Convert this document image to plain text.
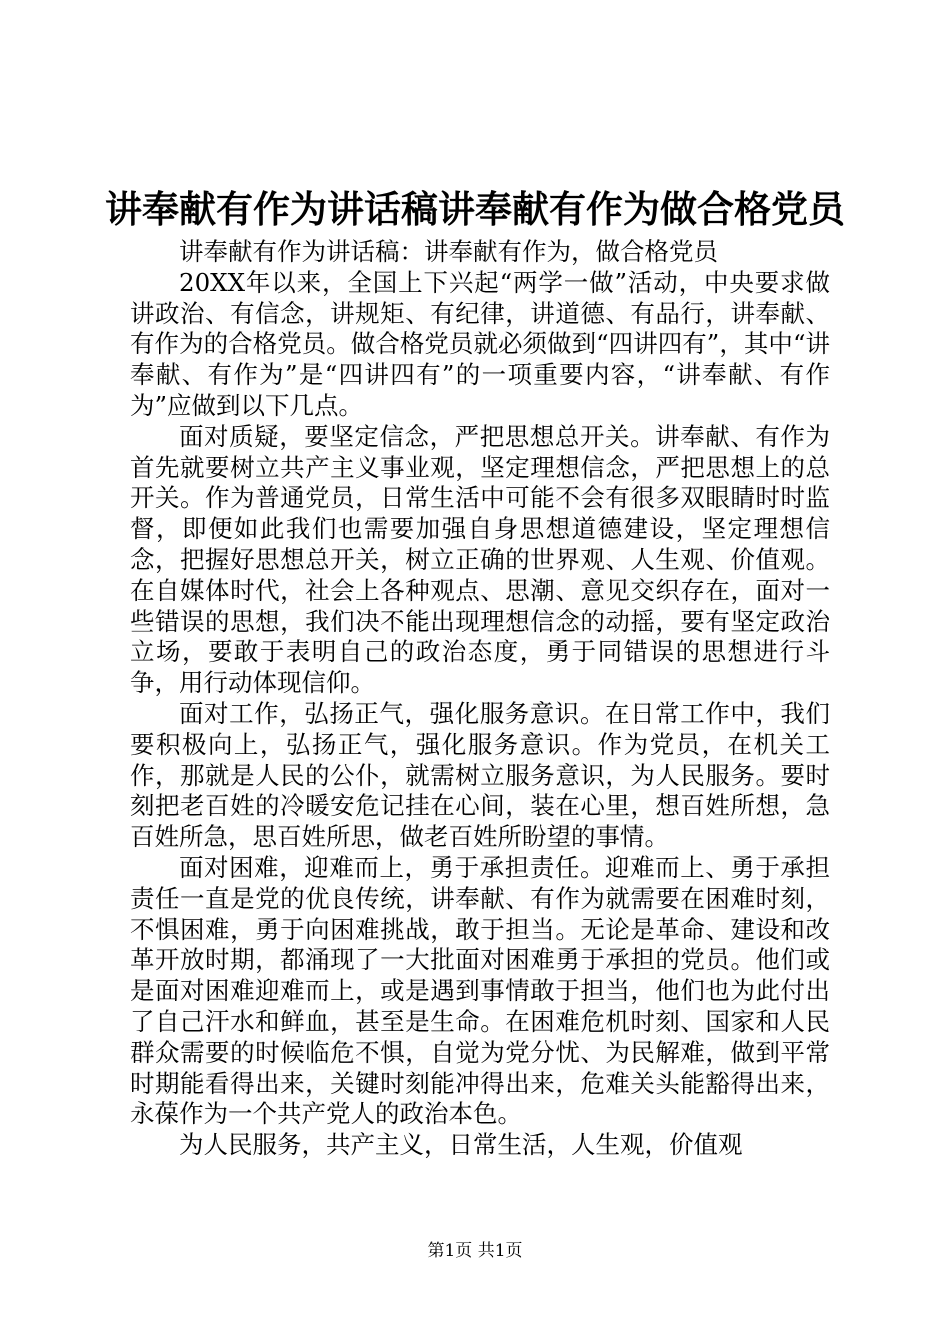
讲奉献有作为讲话稿讲奉献有作为做合格党员

讲奉献有作为讲话稿：讲奉献有作为，做合格党员

20XX年以来，全国上下兴起“两学一做”活动，中央要求做讲政治、有信念，讲规矩、有纪律，讲道德、有品行，讲奉献、有作为的合格党员。做合格党员就必须做到“四讲四有”，其中“讲奉献、有作为”是“四讲四有”的一项重要内容，“讲奉献、有作为”应做到以下几点。

面对质疑，要坚定信念，严把思想总开关。讲奉献、有作为首先就要树立共产主义事业观，坚定理想信念，严把思想上的总开关。作为普通党员，日常生活中可能不会有很多双眼睛时时监督，即便如此我们也需要加强自身思想道德建设，坚定理想信念，把握好思想总开关，树立正确的世界观、人生观、价值观。在自媒体时代，社会上各种观点、思潮、意见交织存在，面对一些错误的思想，我们决不能出现理想信念的动摇，要有坚定政治立场，要敢于表明自己的政治态度，勇于同错误的思想进行斗争，用行动体现信仰。

面对工作，弘扬正气，强化服务意识。在日常工作中，我们要积极向上，弘扬正气，强化服务意识。作为党员，在机关工作，那就是人民的公仆，就需树立服务意识，为人民服务。要时刻把老百姓的冷暖安危记挂在心间，装在心里，想百姓所想，急百姓所急，思百姓所思，做老百姓所盼望的事情。

面对困难，迎难而上，勇于承担责任。迎难而上、勇于承担责任一直是党的优良传统，讲奉献、有作为就需要在困难时刻，不惧困难，勇于向困难挑战，敢于担当。无论是革命、建设和改革开放时期，都涌现了一大批面对困难勇于承担的党员。他们或是面对困难迎难而上，或是遇到事情敢于担当，他们也为此付出了自己汗水和鲜血，甚至是生命。在困难危机时刻、国家和人民群众需要的时候临危不惧，自觉为党分忧、为民解难，做到平常时期能看得出来，关键时刻能冲得出来，危难关头能豁得出来，永葆作为一个共产党人的政治本色。

为人民服务，共产主义，日常生活，人生观，价值观

第1页 共1页
